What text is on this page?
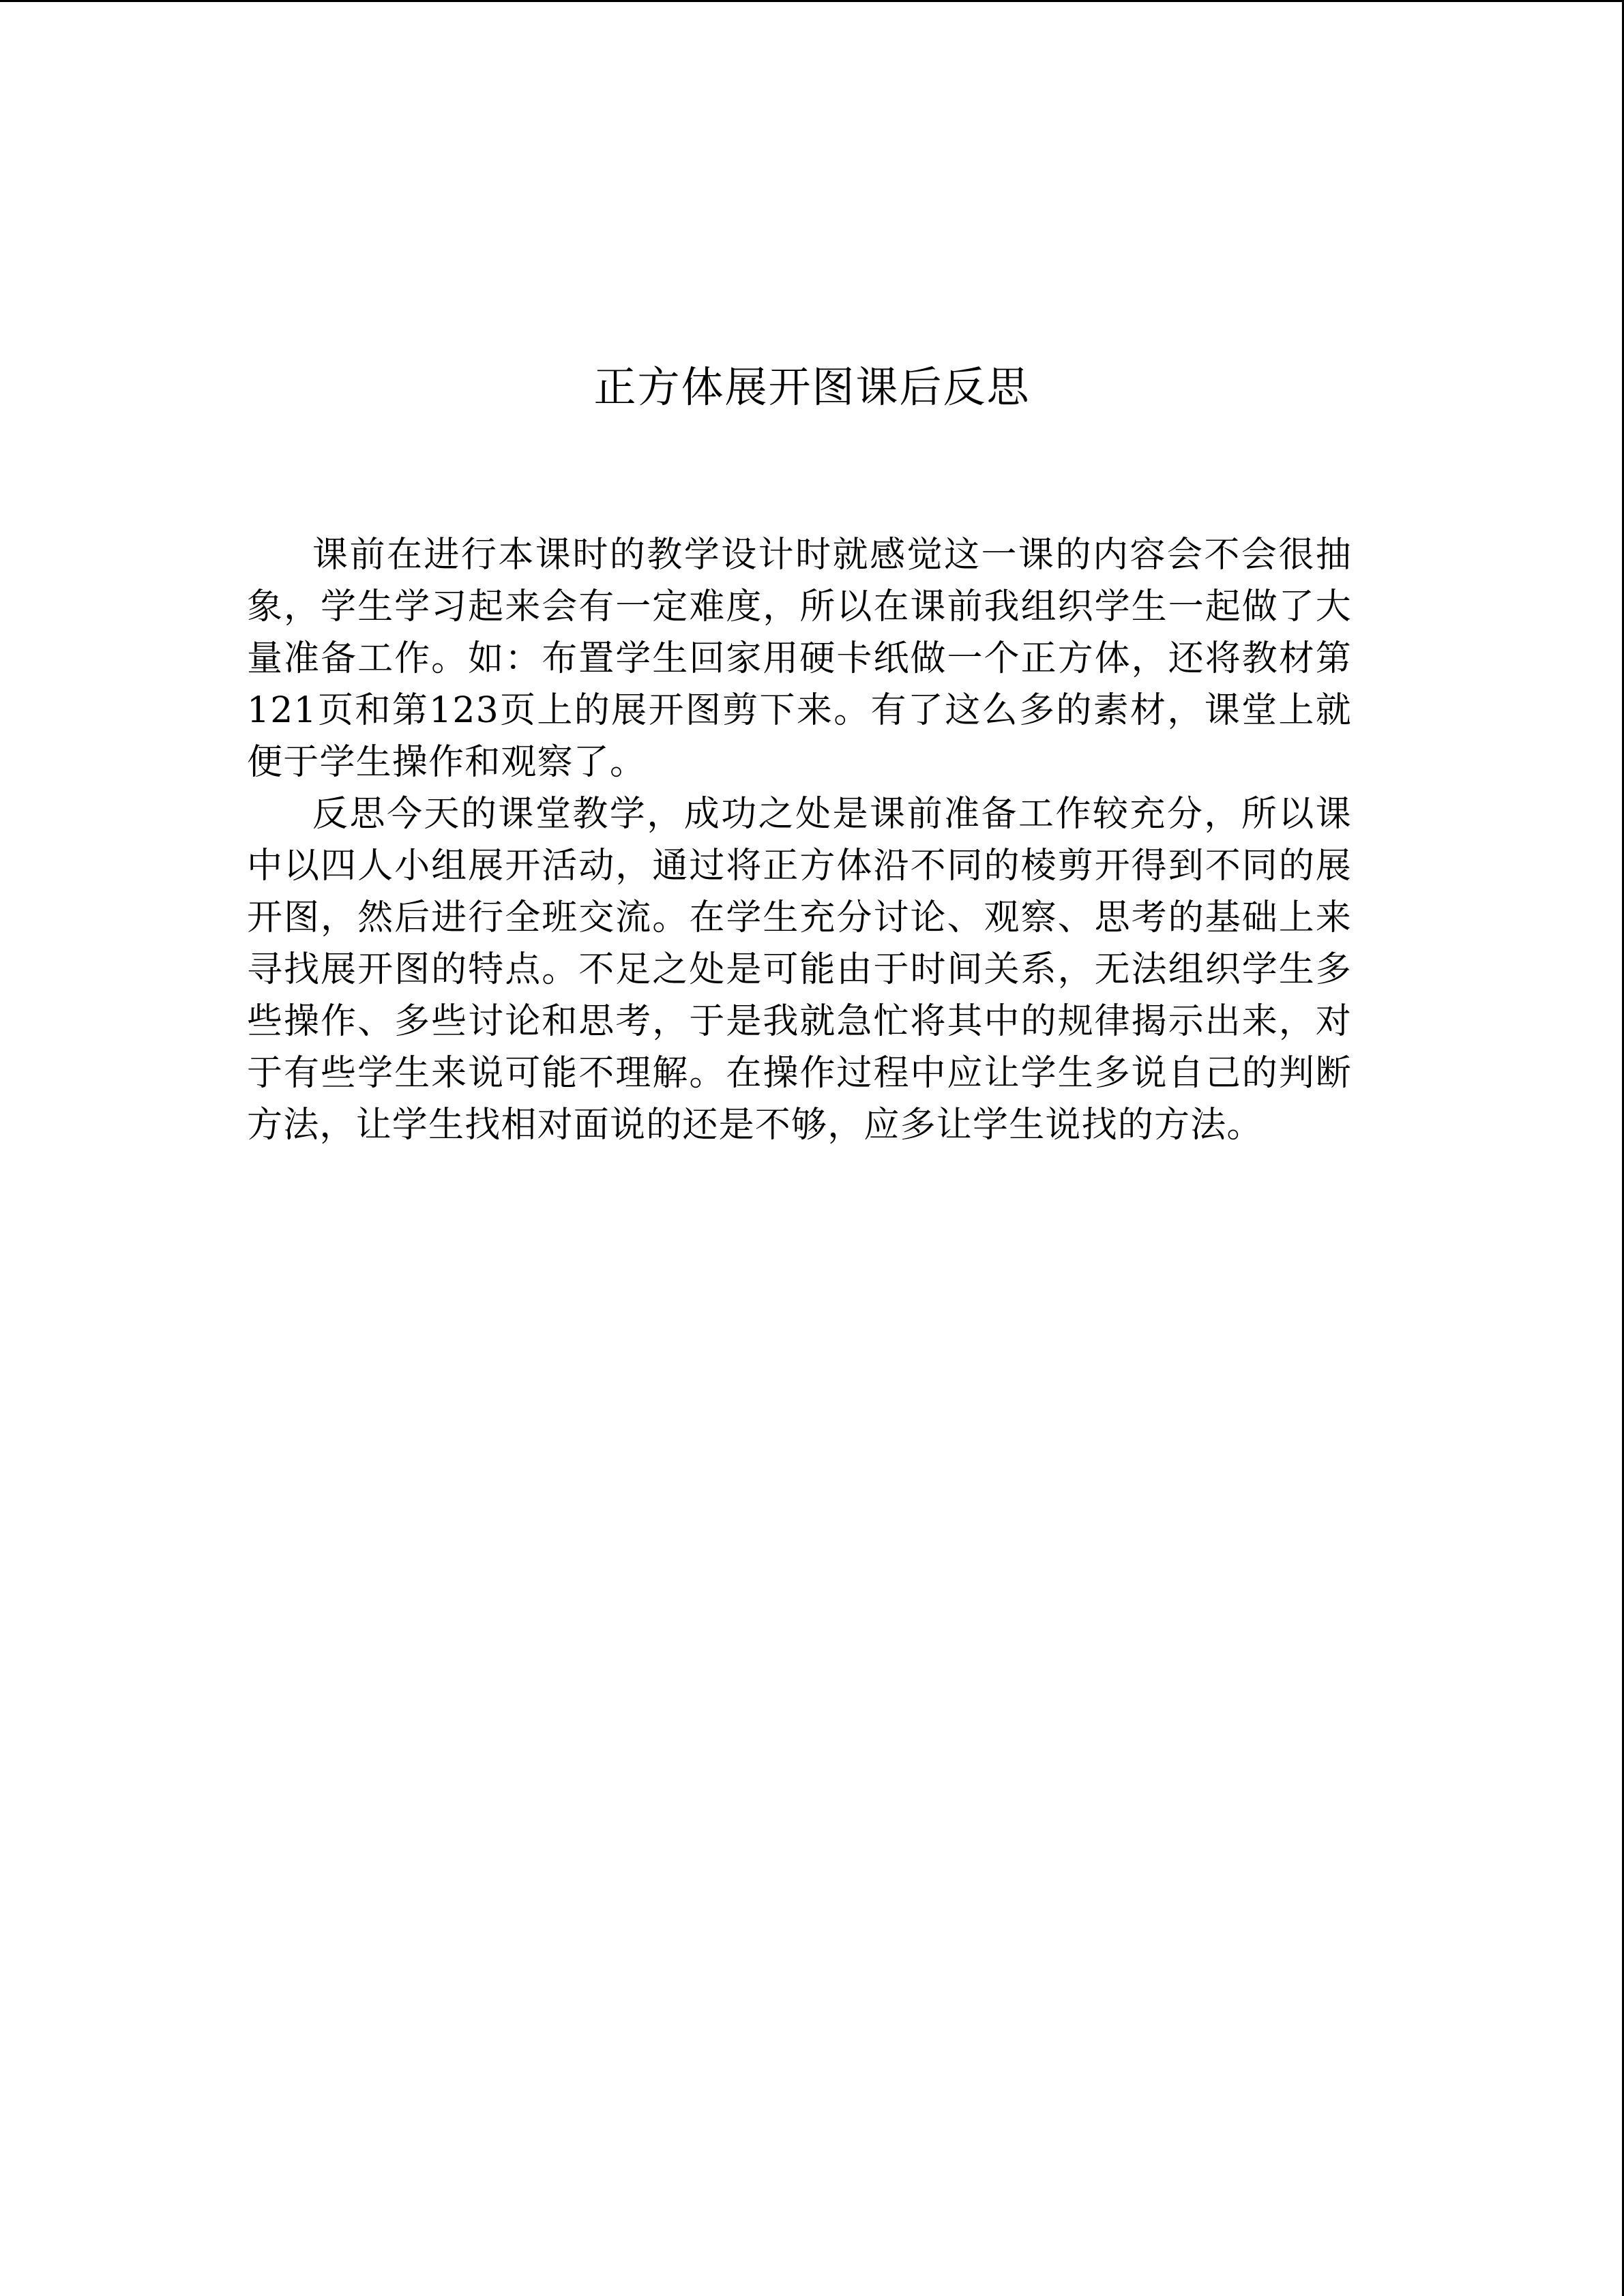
正方体展开图课后反思

课前在进行本课时的教学设计时就感觉这一课的内容会不会很抽象，学生学习起来会有一定难度，所以在课前我组织学生一起做了大量准备工作。如：布置学生回家用硬卡纸做一个正方体，还将教材第121页和第123页上的展开图剪下来。有了这么多的素材，课堂上就便于学生操作和观察了。

反思今天的课堂教学，成功之处是课前准备工作较充分，所以课中以四人小组展开活动，通过将正方体沿不同的棱剪开得到不同的展开图，然后进行全班交流。在学生充分讨论、观察、思考的基础上来寻找展开图的特点。不足之处是可能由于时间关系，无法组织学生多些操作、多些讨论和思考，于是我就急忙将其中的规律揭示出来，对于有些学生来说可能不理解。在操作过程中应让学生多说自己的判断方法，让学生找相对面说的还是不够，应多让学生说找的方法。
